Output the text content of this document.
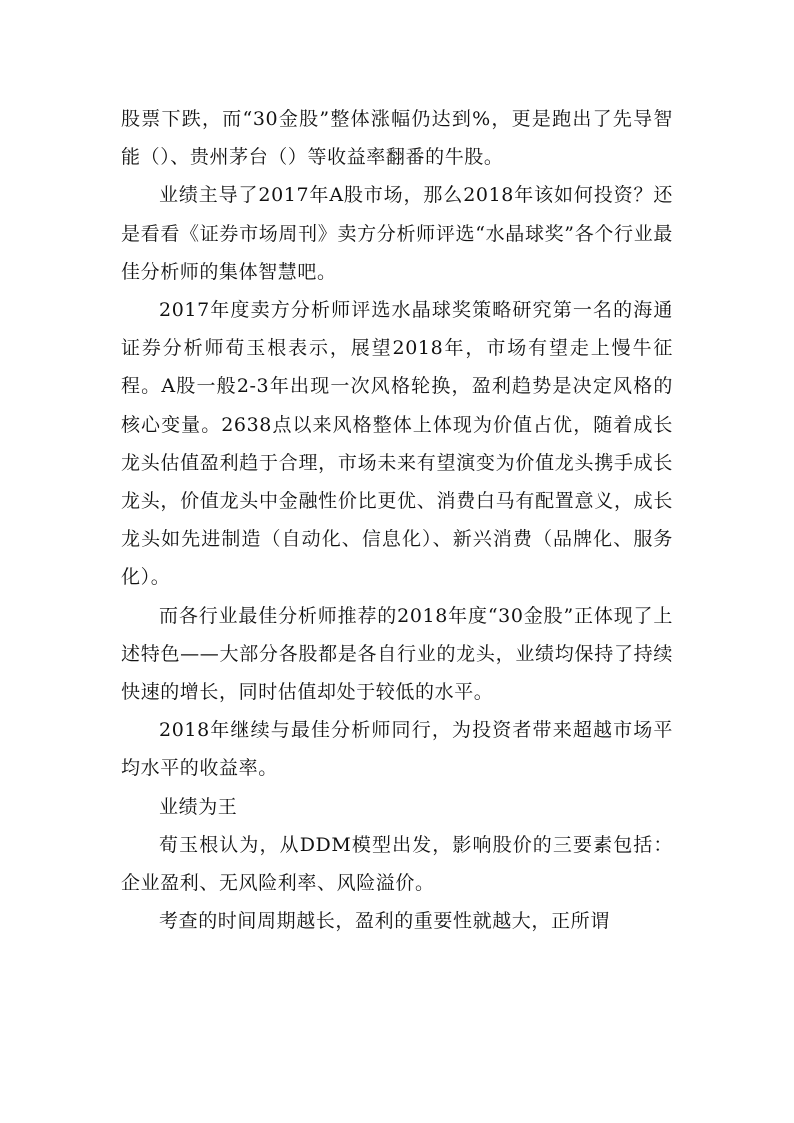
股票下跌，而“30金股”整体涨幅仍达到%，更是跑出了先导智能（）、贵州茅台（）等收益率翻番的牛股。

业绩主导了2017年A股市场，那么2018年该如何投资？还是看看《证券市场周刊》卖方分析师评选“水晶球奖”各个行业最佳分析师的集体智慧吧。

2017年度卖方分析师评选水晶球奖策略研究第一名的海通证券分析师荀玉根表示，展望2018年，市场有望走上慢牛征程。A股一般2-3年出现一次风格轮换，盈利趋势是决定风格的核心变量。2638点以来风格整体上体现为价值占优，随着成长龙头估值盈利趋于合理，市场未来有望演变为价值龙头携手成长龙头，价值龙头中金融性价比更优、消费白马有配置意义，成长龙头如先进制造（自动化、信息化）、新兴消费（品牌化、服务化）。

而各行业最佳分析师推荐的2018年度“30金股”正体现了上述特色——大部分各股都是各自行业的龙头，业绩均保持了持续快速的增长，同时估值却处于较低的水平。

2018年继续与最佳分析师同行，为投资者带来超越市场平均水平的收益率。

业绩为王

荀玉根认为，从DDM模型出发，影响股价的三要素包括：企业盈利、无风险利率、风险溢价。

考查的时间周期越长，盈利的重要性就越大，正所谓
